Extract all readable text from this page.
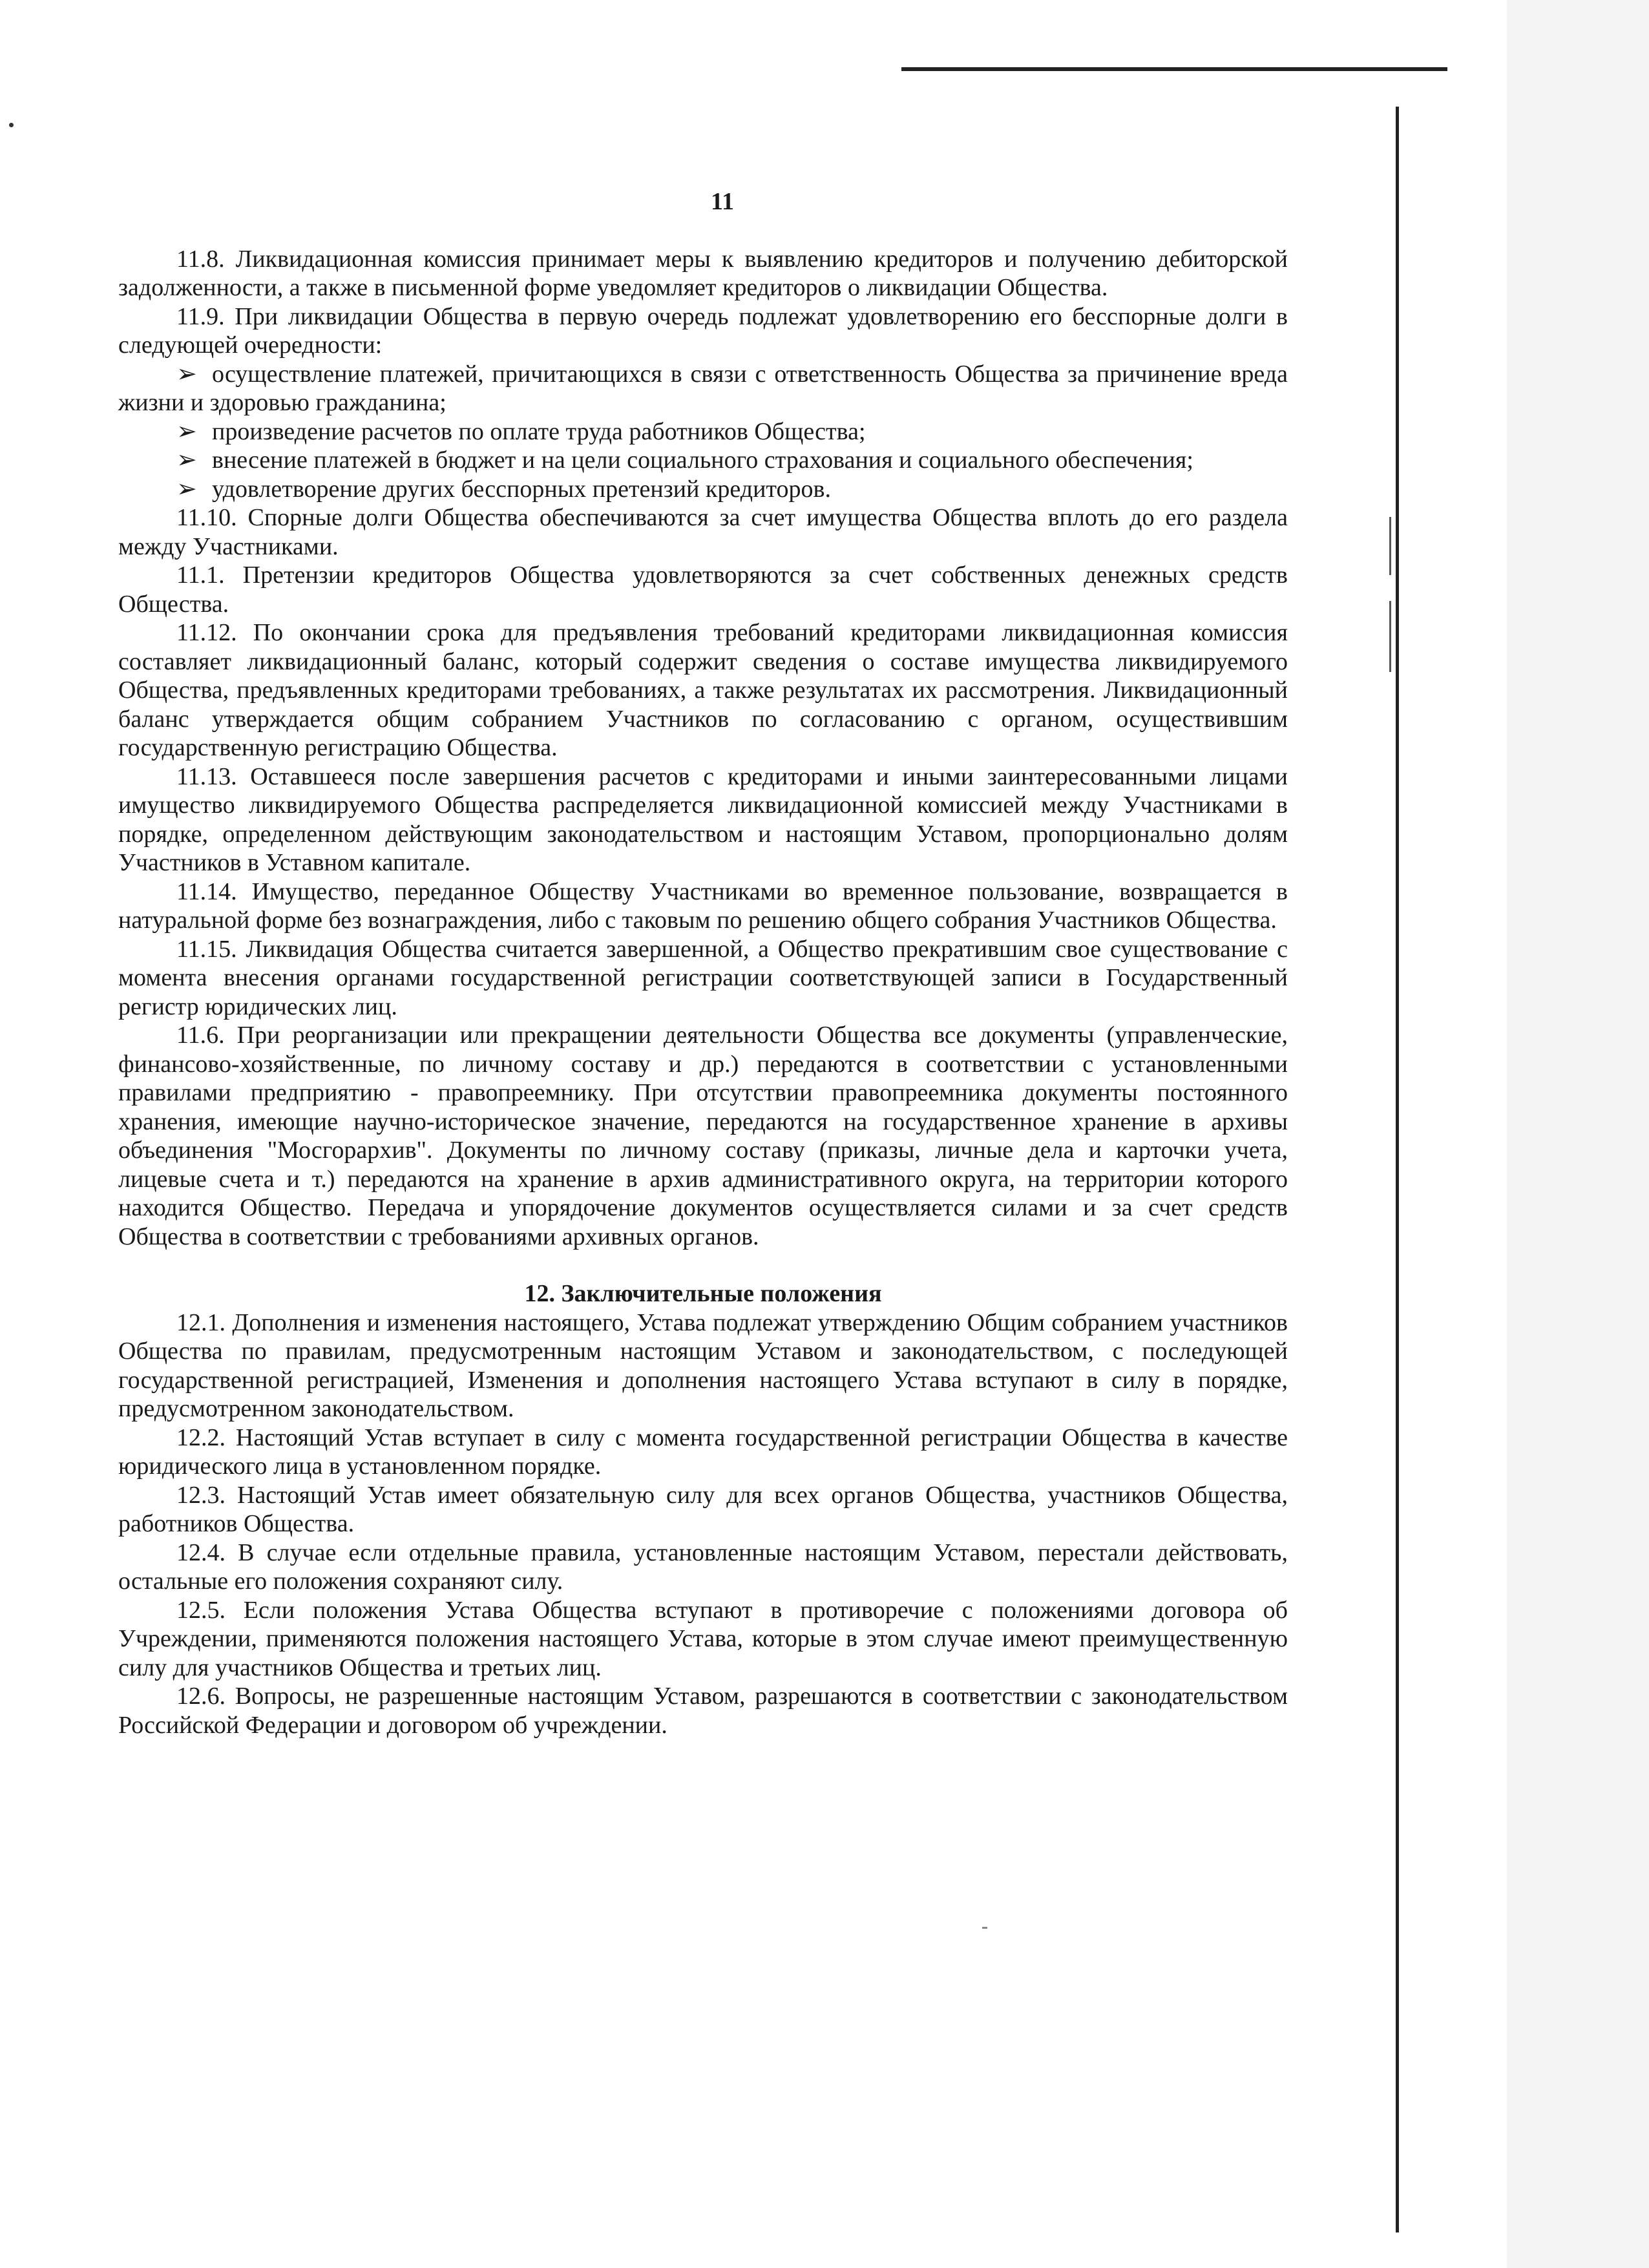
11

11.8. Ликвидационная комиссия принимает меры к выявлению кредиторов и получению дебиторской задолженности, а также в письменной форме уведомляет кредиторов о ликвидации Общества.

11.9. При ликвидации Общества в первую очередь подлежат удовлетворению его бесспорные долги в следующей очередности:

➢ осуществление платежей, причитающихся в связи с ответственность Общества за причинение вреда жизни и здоровью гражданина;
➢ произведение расчетов по оплате труда работников Общества;
➢ внесение платежей в бюджет и на цели социального страхования и социального обеспечения;
➢ удовлетворение других бесспорных претензий кредиторов.

11.10. Спорные долги Общества обеспечиваются за счет имущества Общества вплоть до его раздела между Участниками.

11.1. Претензии кредиторов Общества удовлетворяются за счет собственных денежных средств Общества.

11.12. По окончании срока для предъявления требований кредиторами ликвидационная комиссия составляет ликвидационный баланс, который содержит сведения о составе имущества ликвидируемого Общества, предъявленных кредиторами требованиях, а также результатах их рассмотрения. Ликвидационный баланс утверждается общим собранием Участников по согласованию с органом, осуществившим государственную регистрацию Общества.

11.13. Оставшееся после завершения расчетов с кредиторами и иными заинтересованными лицами имущество ликвидируемого Общества распределяется ликвидационной комиссией между Участниками в порядке, определенном действующим законодательством и настоящим Уставом, пропорционально долям Участников в Уставном капитале.

11.14. Имущество, переданное Обществу Участниками во временное пользование, возвращается в натуральной форме без вознаграждения, либо с таковым по решению общего собрания Участников Общества.

11.15. Ликвидация Общества считается завершенной, а Общество прекратившим свое существование с момента внесения органами государственной регистрации соответствующей записи в Государственный регистр юридических лиц.

11.6. При реорганизации или прекращении деятельности Общества все документы (управленческие, финансово-хозяйственные, по личному составу и др.) передаются в соответствии с установленными правилами предприятию - правопреемнику. При отсутствии правопреемника документы постоянного хранения, имеющие научно-историческое значение, передаются на государственное хранение в архивы объединения "Мосгорархив". Документы по личному составу (приказы, личные дела и карточки учета, лицевые счета и т.) передаются на хранение в архив административного округа, на территории которого находится Общество. Передача и упорядочение документов осуществляется силами и за счет средств Общества в соответствии с требованиями архивных органов.

12. Заключительные положения

12.1. Дополнения и изменения настоящего, Устава подлежат утверждению Общим собранием участников Общества по правилам, предусмотренным настоящим Уставом и законодательством, с последующей государственной регистрацией, Изменения и дополнения настоящего Устава вступают в силу в порядке, предусмотренном законодательством.

12.2. Настоящий Устав вступает в силу с момента государственной регистрации Общества в качестве юридического лица в установленном порядке.

12.3. Настоящий Устав имеет обязательную силу для всех органов Общества, участников Общества, работников Общества.

12.4. В случае если отдельные правила, установленные настоящим Уставом, перестали действовать, остальные его положения сохраняют силу.

12.5. Если положения Устава Общества вступают в противоречие с положениями договора об Учреждении, применяются положения настоящего Устава, которые в этом случае имеют преимущественную силу для участников Общества и третьих лиц.

12.6. Вопросы, не разрешенные настоящим Уставом, разрешаются в соответствии с законодательством Российской Федерации и договором об учреждении.
